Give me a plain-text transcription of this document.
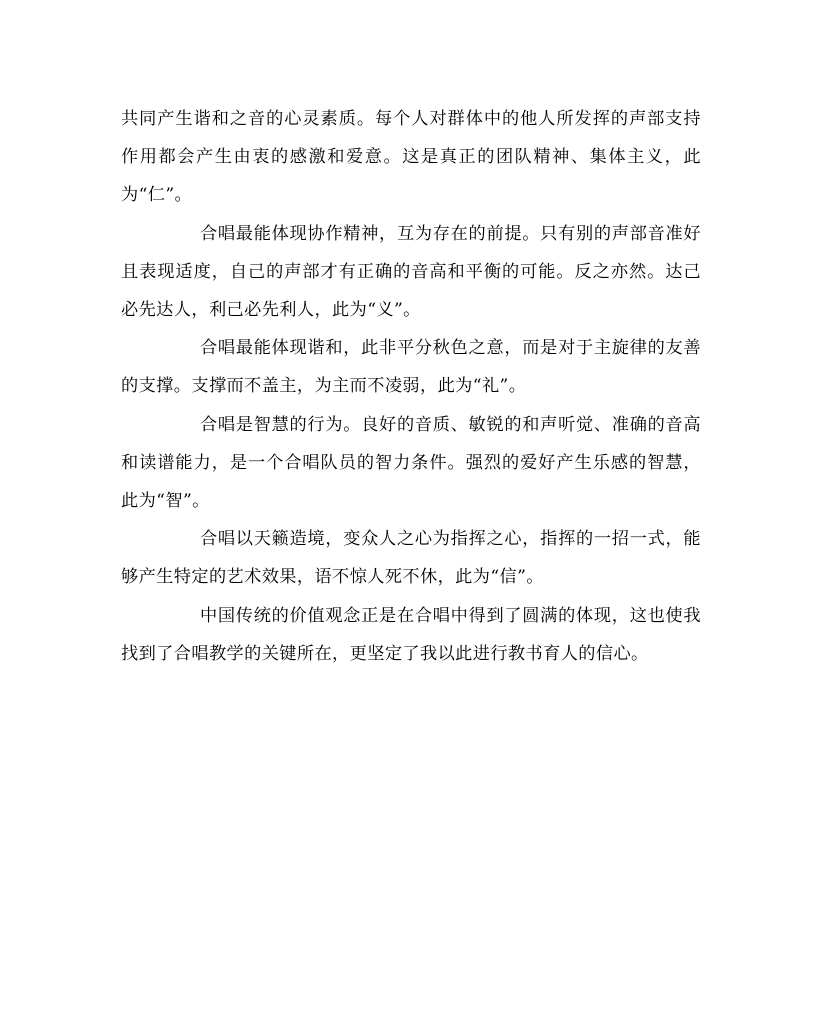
共同产生谐和之音的心灵素质。每个人对群体中的他人所发挥的声部支持作用都会产生由衷的感激和爱意。这是真正的团队精神、集体主义，此为“仁”。

合唱最能体现协作精神，互为存在的前提。只有别的声部音准好且表现适度，自己的声部才有正确的音高和平衡的可能。反之亦然。达己必先达人，利己必先利人，此为“义”。

合唱最能体现谐和，此非平分秋色之意，而是对于主旋律的友善的支撑。支撑而不盖主，为主而不凌弱，此为“礼”。

合唱是智慧的行为。良好的音质、敏锐的和声听觉、准确的音高和读谱能力，是一个合唱队员的智力条件。强烈的爱好产生乐感的智慧，此为“智”。

合唱以天籁造境，变众人之心为指挥之心，指挥的一招一式，能够产生特定的艺术效果，语不惊人死不休，此为“信”。

中国传统的价值观念正是在合唱中得到了圆满的体现，这也使我找到了合唱教学的关键所在，更坚定了我以此进行教书育人的信心。
